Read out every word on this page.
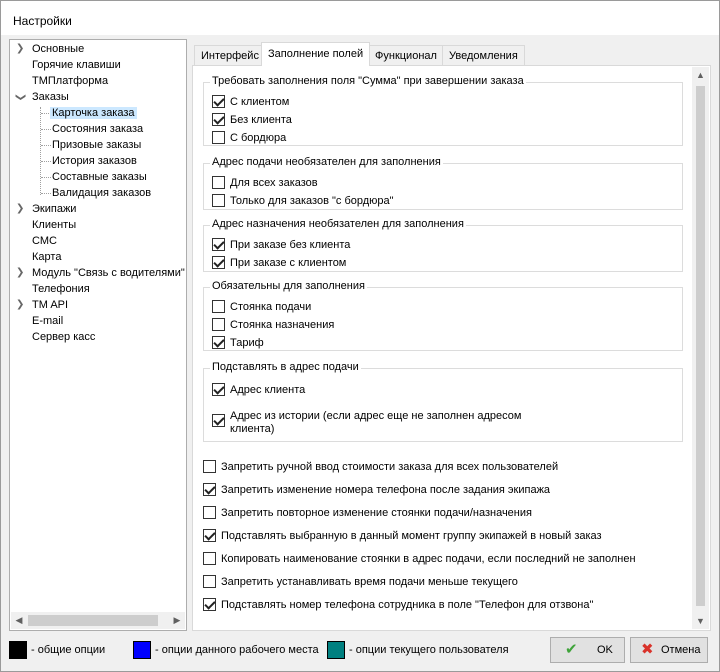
Настройки
❯ Основные
Горячие клавиши
ТМПлатформа
❯ Заказы
Карточка заказа
Состояния заказа
Призовые заказы
История заказов
Составные заказы
Валидация заказов
❯ Экипажи
Клиенты
СМС
Карта
❯ Модуль "Связь с водителями"
Телефония
❯ TM API
E-mail
Сервер касс
◀	▶
Интерфейс Заполнение полей	Функционал	Уведомления
Требовать заполнения поля "Сумма" при завершении заказа
С клиентом
Без клиента
С бордюра
Адрес подачи необязателен для заполнения
Для всех заказов
Только для заказов "с бордюра"
Адрес назначения необязателен для заполнения
При заказе без клиента
При заказе с клиентом
Обязательны для заполнения
Стоянка подачи
Стоянка назначения
Тариф
Подставлять в адрес подачи
Адрес клиента
Адрес из истории (если адрес еще не заполнен адресом
клиента)
Запретить ручной ввод стоимости заказа для всех пользователей
Запретить изменение номера телефона после задания экипажа
Запретить повторное изменение стоянки подачи/назначения
Подставлять выбранную в данный момент группу экипажей в новый заказ
Копировать наименование стоянки в адрес подачи, если последний не заполнен
Запретить устанавливать время подачи меньше текущего
Подставлять номер телефона сотрудника в поле "Телефон для отзвона"
▲
▼
- общие опции	- опции данного рабочего места	- опции текущего пользователя	✔ OK ✖ Отмена
